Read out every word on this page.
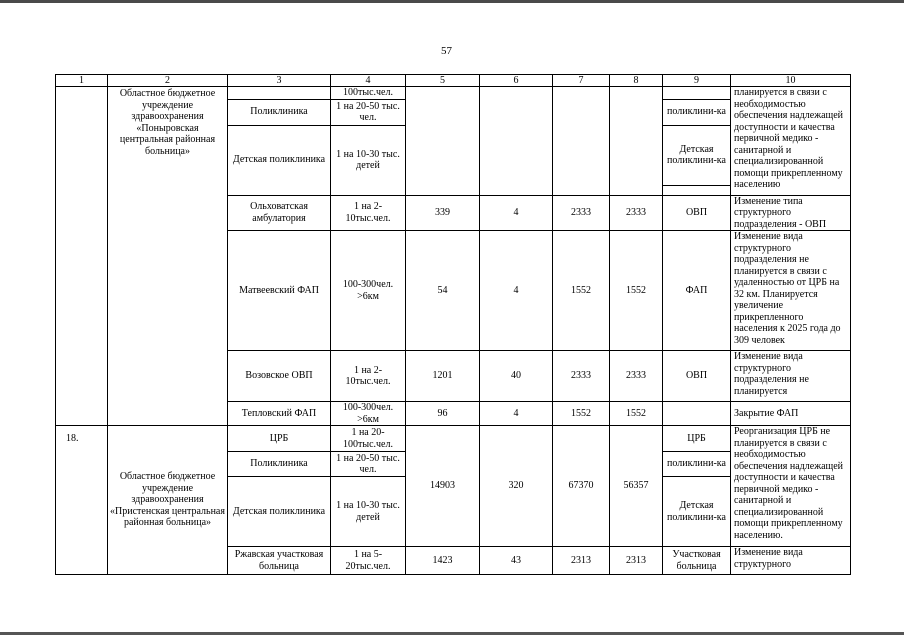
57
1	2	3	4	5	6	7	8	9	10
	Областное бюджетное учреждение здравоохранения «Поныровская центральная районная больница»		100тыс.чел.						планируется в связи с необходимостью обеспечения надлежащей доступности и качества первичной медико - санитарной и специализированной помощи прикрепленному населению
		Поликлиника	1 на 20-50 тыс. чел.					поликлини-ка	
		Детская поликлиника	1 на 10-30 тыс. детей					Детская поликлини-ка	

		Ольховатская амбулатория	1 на 2-10тыс.чел.	339	4	2333	2333	ОВП	Изменение типа структурного подразделения - ОВП
		Матвеевский ФАП	100-300чел. >6км	54	4	1552	1552	ФАП	Изменение вида структурного подразделения не планируется в связи с удаленностью от ЦРБ на 32 км. Планируется увеличение прикрепленного населения к 2025 года до 309 человек
		Возовское ОВП	1 на 2-10тыс.чел.	1201	40	2333	2333	ОВП	Изменение вида структурного подразделения не планируется
		Тепловский ФАП	100-300чел. >6км	96	4	1552	1552		Закрытие ФАП
18.	Областное бюджетное учреждение здравоохранения «Пристенская центральная районная больница»	ЦРБ	1 на 20-100тыс.чел.	14903	320	67370	56357	ЦРБ	Реорганизация ЦРБ не планируется в связи с необходимостью обеспечения надлежащей доступности и качества первичной медико - санитарной и специализированной помощи прикрепленному населению.
		Поликлиника	1 на 20-50 тыс. чел.					поликлини-ка	
		Детская поликлиника	1 на 10-30 тыс. детей					Детская поликлини-ка	
		Ржавская участковая больница	1 на 5-20тыс.чел.	1423	43	2313	2313	Участковая больница	Изменение вида структурного
